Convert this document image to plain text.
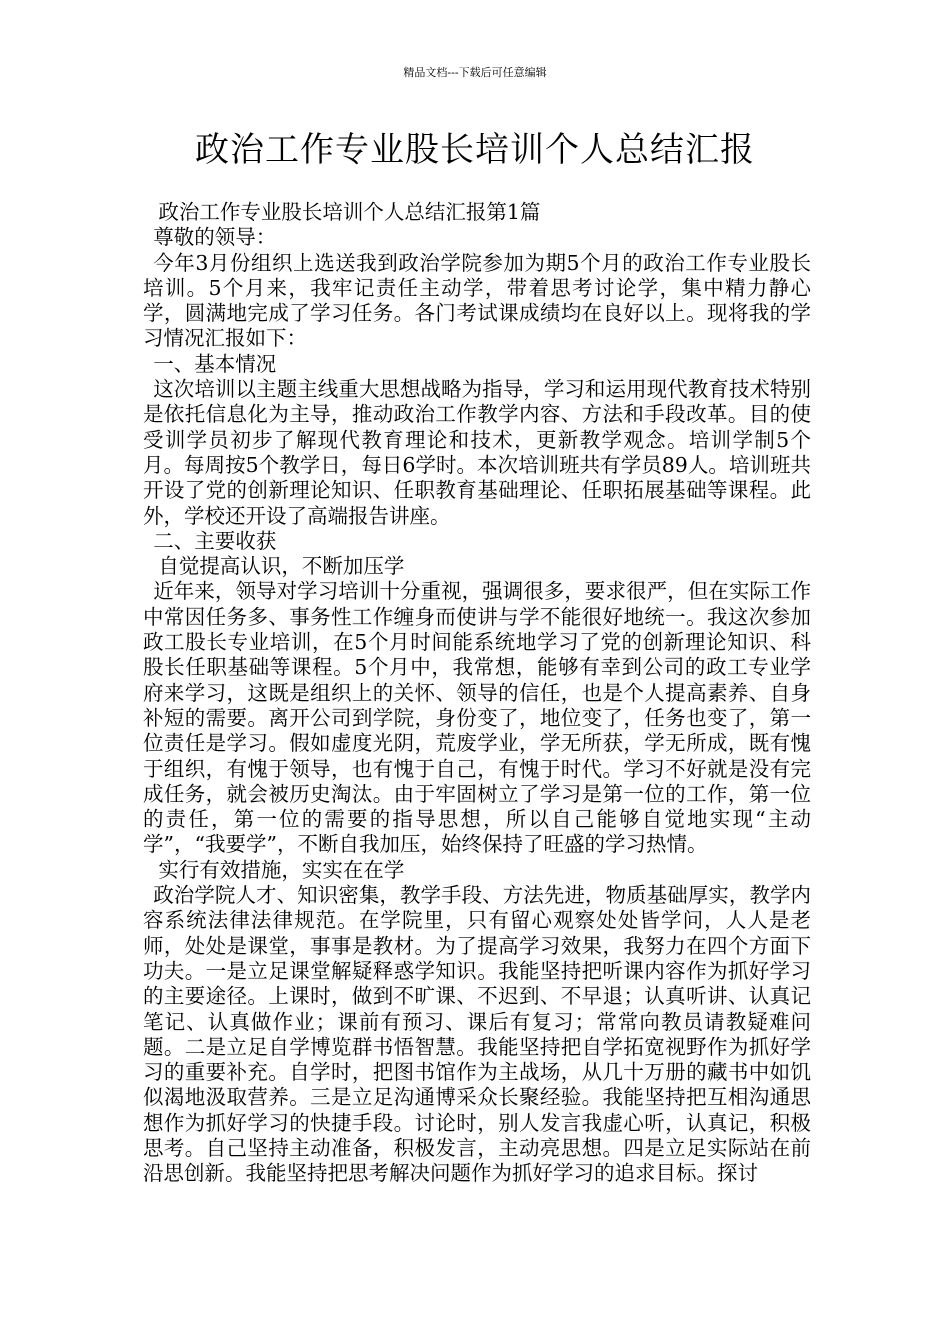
精品文档---下载后可任意编辑
政治工作专业股长培训个人总结汇报

政治工作专业股长培训个人总结汇报第1篇

尊敬的领导：

今年3月份组织上选送我到政治学院参加为期5个月的政治工作专业股长培训。5个月来，我牢记责任主动学，带着思考讨论学，集中精力静心学，圆满地完成了学习任务。各门考试课成绩均在良好以上。现将我的学习情况汇报如下：

一、基本情况

这次培训以主题主线重大思想战略为指导，学习和运用现代教育技术特别是依托信息化为主导，推动政治工作教学内容、方法和手段改革。目的使受训学员初步了解现代教育理论和技术，更新教学观念。培训学制5个月。每周按5个教学日，每日6学时。本次培训班共有学员89人。培训班共开设了党的创新理论知识、任职教育基础理论、任职拓展基础等课程。此外，学校还开设了高端报告讲座。

二、主要收获

自觉提高认识，不断加压学

近年来，领导对学习培训十分重视，强调很多，要求很严，但在实际工作中常因任务多、事务性工作缠身而使讲与学不能很好地统一。我这次参加政工股长专业培训，在5个月时间能系统地学习了党的创新理论知识、科股长任职基础等课程。5个月中，我常想，能够有幸到公司的政工专业学府来学习，这既是组织上的关怀、领导的信任，也是个人提高素养、自身补短的需要。离开公司到学院，身份变了，地位变了，任务也变了，第一位责任是学习。假如虚度光阴，荒废学业，学无所获，学无所成，既有愧于组织，有愧于领导，也有愧于自己，有愧于时代。学习不好就是没有完成任务，就会被历史淘汰。由于牢固树立了学习是第一位的工作，第一位的责任，第一位的需要的指导思想，所以自己能够自觉地实现“主动学”，“我要学”，不断自我加压，始终保持了旺盛的学习热情。

实行有效措施，实实在在学

政治学院人才、知识密集，教学手段、方法先进，物质基础厚实，教学内容系统法律法律规范。在学院里，只有留心观察处处皆学问，人人是老师，处处是课堂，事事是教材。为了提高学习效果，我努力在四个方面下功夫。一是立足课堂解疑释惑学知识。我能坚持把听课内容作为抓好学习的主要途径。上课时，做到不旷课、不迟到、不早退；认真听讲、认真记笔记、认真做作业；课前有预习、课后有复习；常常向教员请教疑难问题。二是立足自学博览群书悟智慧。我能坚持把自学拓宽视野作为抓好学习的重要补充。自学时，把图书馆作为主战场，从几十万册的藏书中如饥似渴地汲取营养。三是立足沟通博采众长聚经验。我能坚持把互相沟通思想作为抓好学习的快捷手段。讨论时，别人发言我虚心听，认真记，积极思考。自己坚持主动准备，积极发言，主动亮思想。四是立足实际站在前沿思创新。我能坚持把思考解决问题作为抓好学习的追求目标。探讨
